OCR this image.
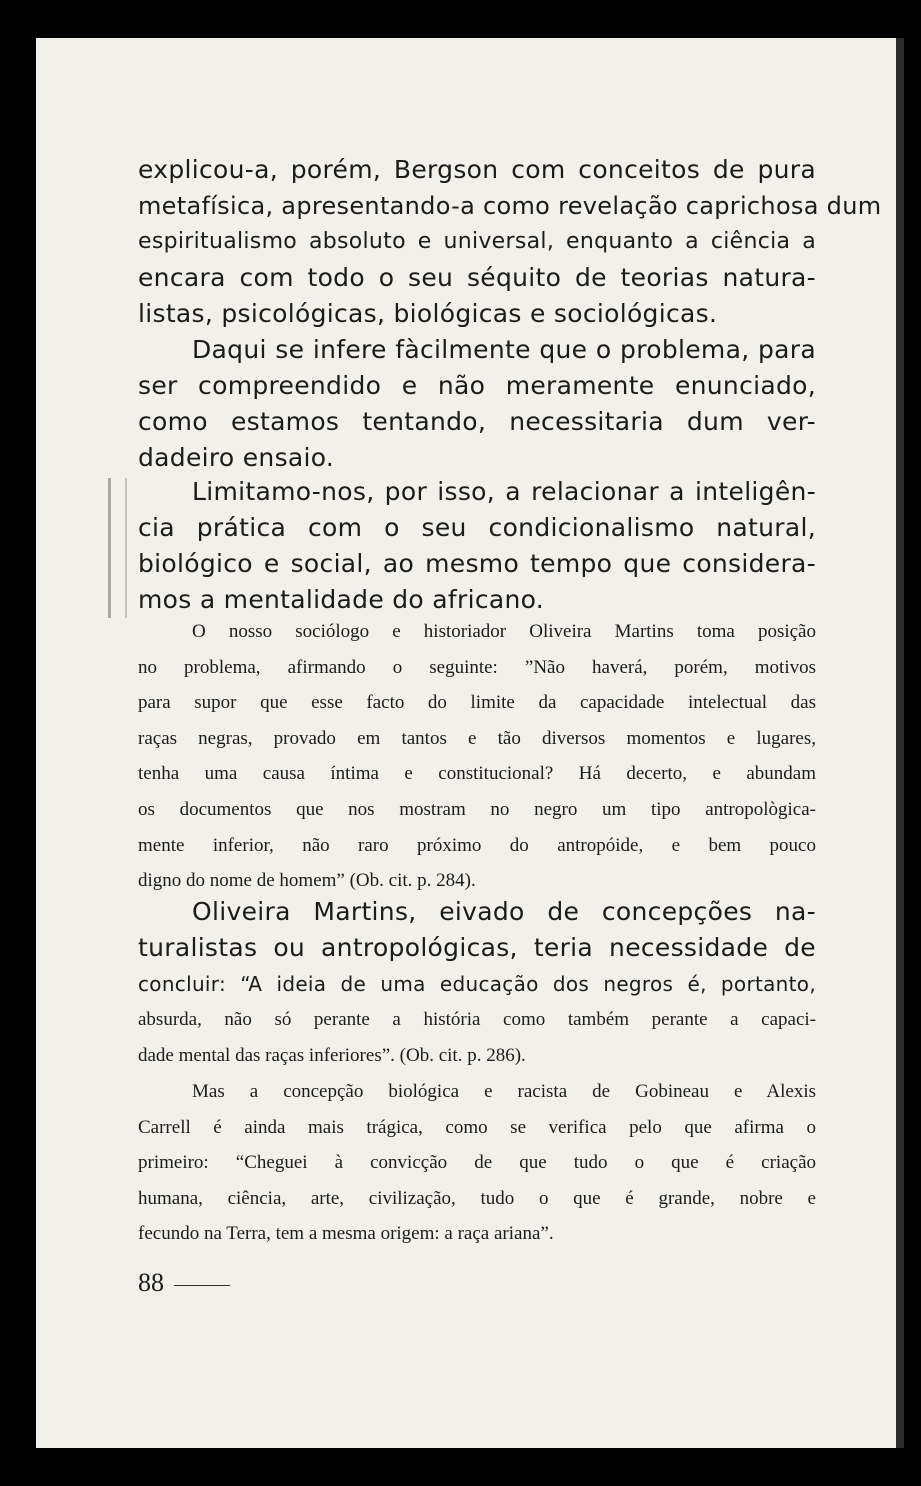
explicou-a, porém, Bergson com conceitos de pura
metafísica, apresentando-a como revelação caprichosa dum
espiritualismo absoluto e universal, enquanto a ciência a
encara com todo o seu séquito de teorias natura-
listas, psicológicas, biológicas e sociológicas.
Daqui se infere fàcilmente que o problema, para
ser compreendido e não meramente enunciado,
como estamos tentando, necessitaria dum ver-
dadeiro ensaio.
Limitamo-nos, por isso, a relacionar a inteligên-
cia prática com o seu condicionalismo natural,
biológico e social, ao mesmo tempo que considera-
mos a mentalidade do africano.
O nosso sociólogo e historiador Oliveira Martins toma posição
no problema, afirmando o seguinte: ”Não haverá, porém, motivos
para supor que esse facto do limite da capacidade intelectual das
raças negras, provado em tantos e tão diversos momentos e lugares,
tenha uma causa íntima e constitucional? Há decerto, e abundam
os documentos que nos mostram no negro um tipo antropològica-
mente inferior, não raro próximo do antropóide, e bem pouco
digno do nome de homem” (Ob. cit. p. 284).
Oliveira Martins, eivado de concepções na-
turalistas ou antropológicas, teria necessidade de
concluir: “A ideia de uma educação dos negros é, portanto,
absurda, não só perante a história como também perante a capaci-
dade mental das raças inferiores”. (Ob. cit. p. 286).
Mas a concepção biológica e racista de Gobineau e Alexis
Carrell é ainda mais trágica, como se verifica pelo que afirma o
primeiro: “Cheguei à convicção de que tudo o que é criação
humana, ciência, arte, civilização, tudo o que é grande, nobre e
fecundo na Terra, tem a mesma origem: a raça ariana”.
88
